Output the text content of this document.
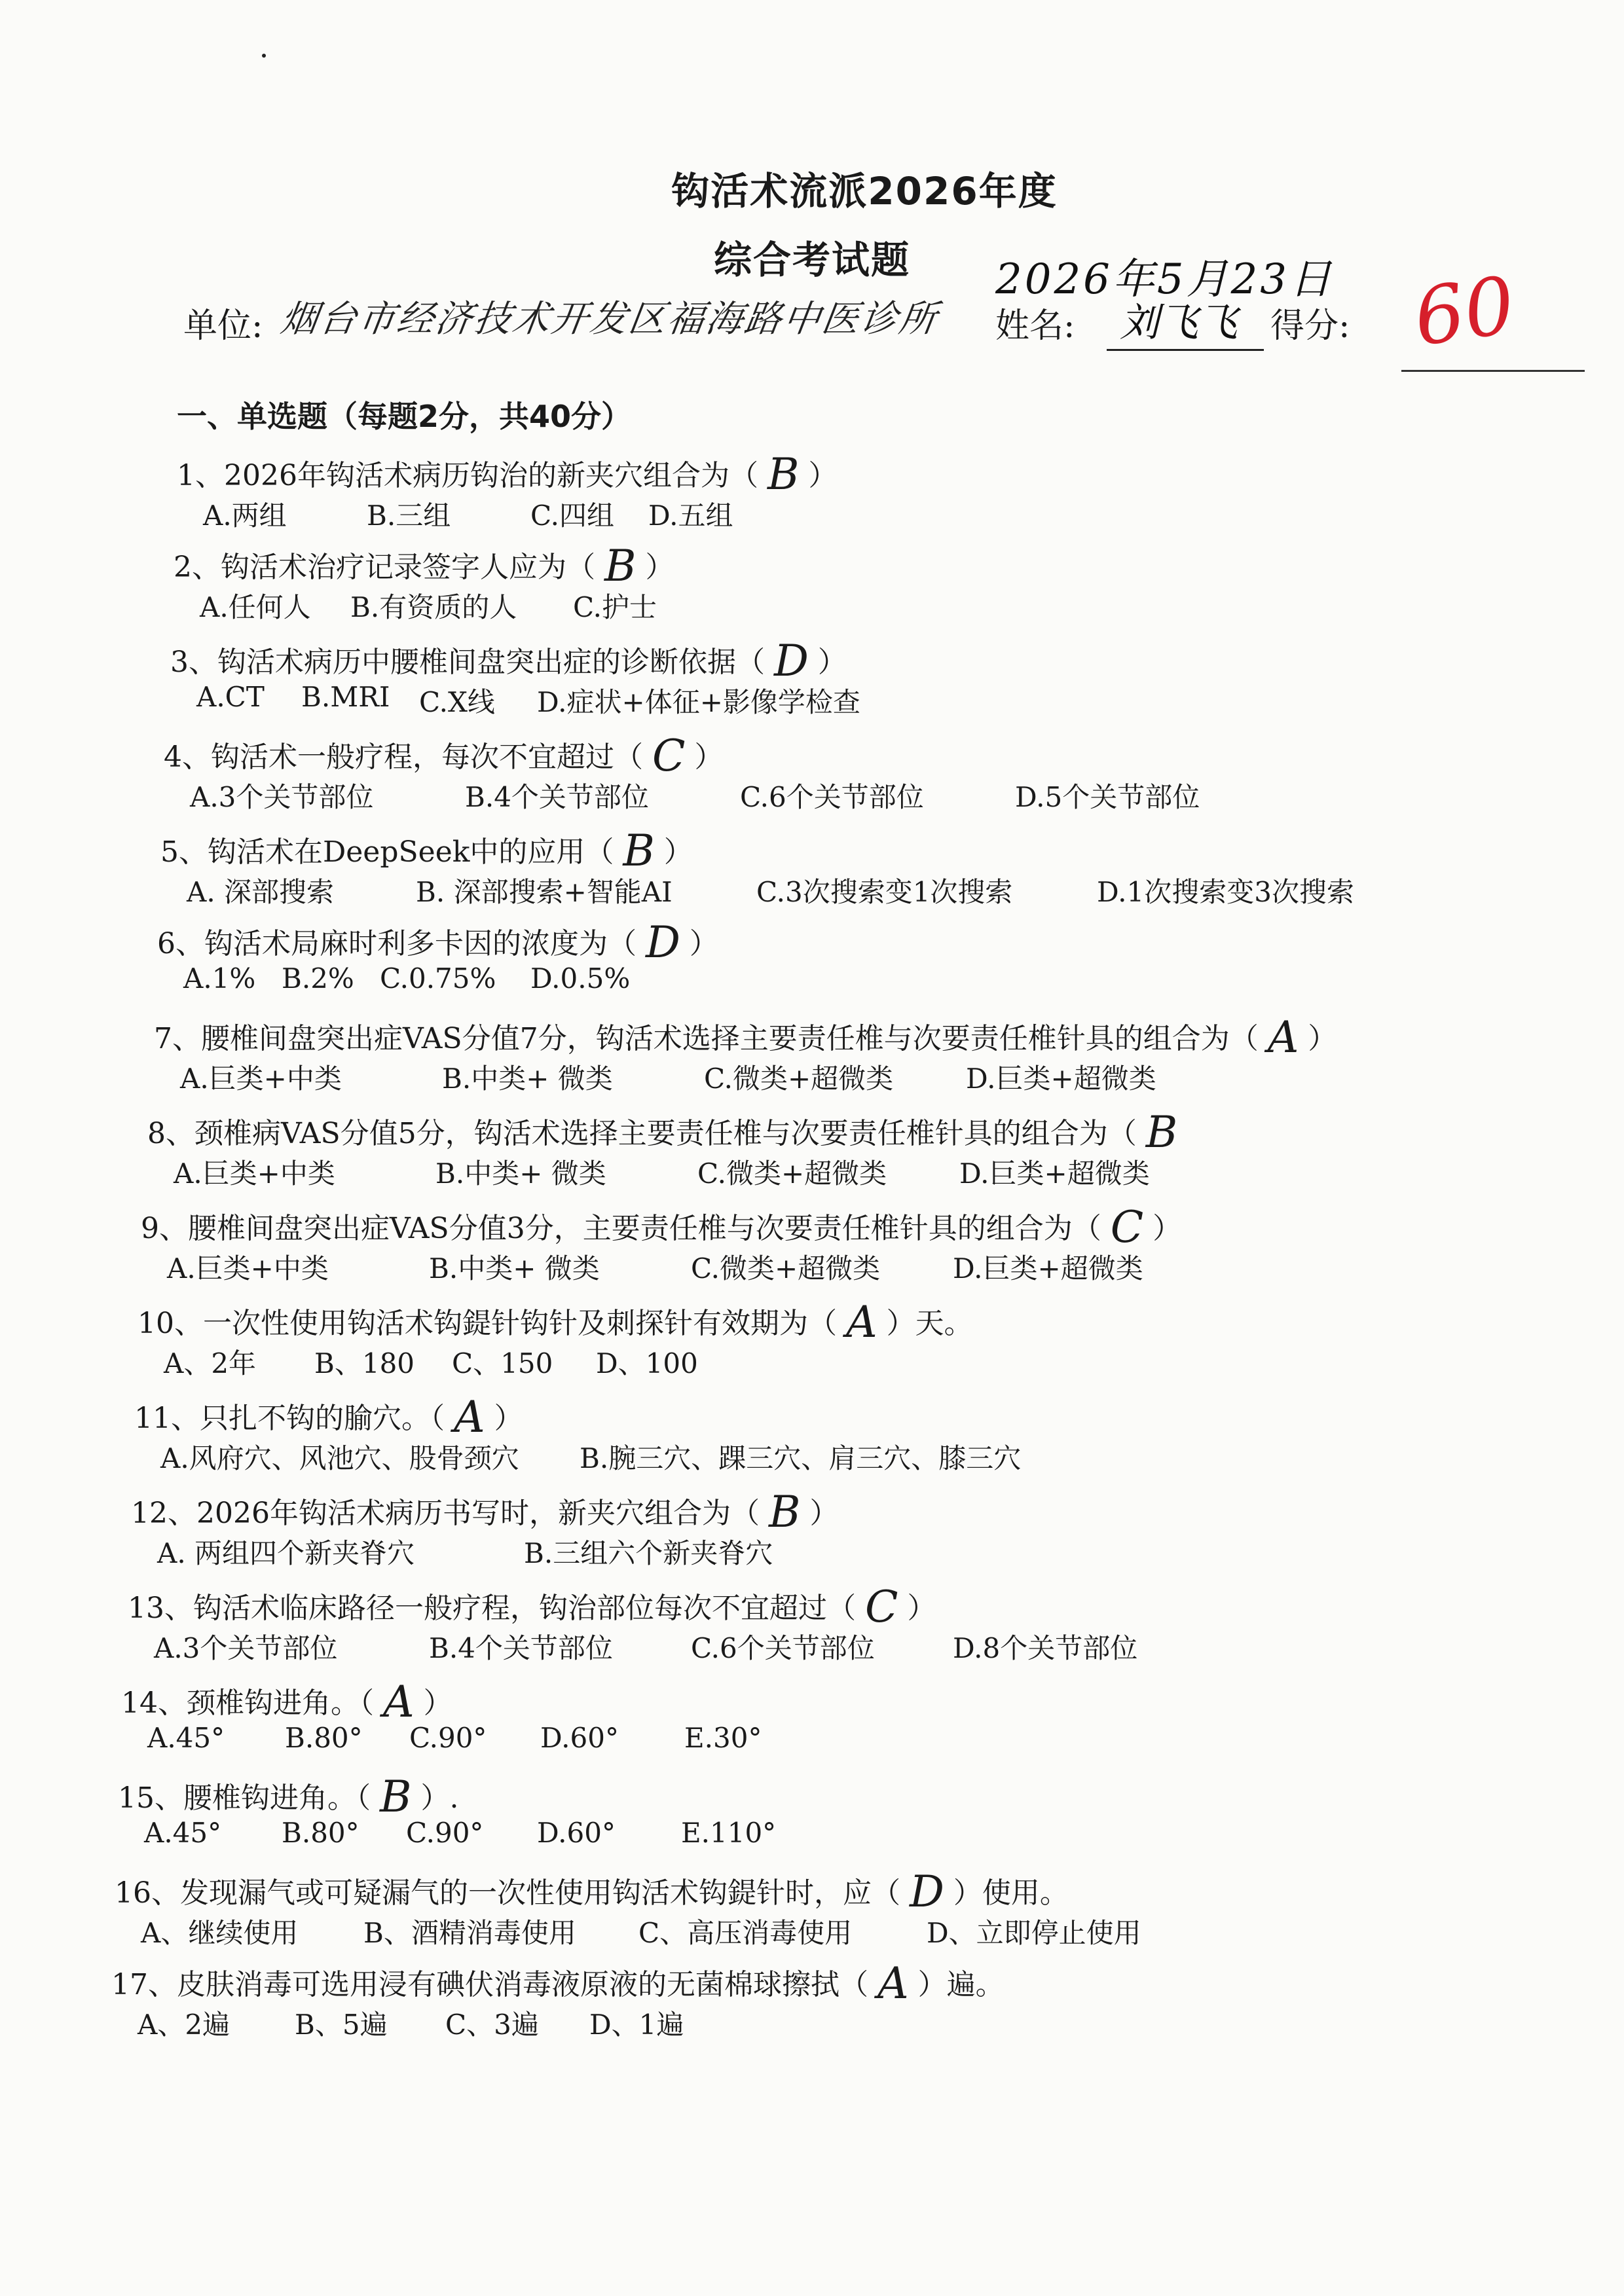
钩活术流派2026年度
综合考试题	2026年5月23日
单位: 烟台市经济技术开发区福海路中医诊所 姓名: 刘飞飞 得分: 60
一、单选题（每题2分，共40分）
1、2026年钩活术病历钩治的新夹穴组合为（ B ）
A.两组	B.三组	C.四组 D.五组
2、钩活术治疗记录签字人应为（ B ）
A.任何人 B.有资质的人 C.护士
3、钩活术病历中腰椎间盘突出症的诊断依据（ D ）
A.CT B.MRI C.X线 D.症状+体征+影像学检查
4、钩活术一般疗程，每次不宜超过（ C ）
A.3个关节部位	B.4个关节部位	C.6个关节部位	D.5个关节部位
5、钩活术在DeepSeek中的应用（ B ）
A. 深部搜索	B. 深部搜索+智能AI	C.3次搜索变1次搜索	D.1次搜索变3次搜索
6、钩活术局麻时利多卡因的浓度为（ D ）
A.1% B.2% C.0.75% D.0.5%
7、腰椎间盘突出症VAS分值7分，钩活术选择主要责任椎与次要责任椎针具的组合为（ A ）
A.巨类+中类	B.中类+ 微类	C.微类+超微类	D.巨类+超微类
8、颈椎病VAS分值5分，钩活术选择主要责任椎与次要责任椎针具的组合为（ B
A.巨类+中类	B.中类+ 微类	C.微类+超微类	D.巨类+超微类
9、腰椎间盘突出症VAS分值3分，主要责任椎与次要责任椎针具的组合为（ C ）
A.巨类+中类	B.中类+ 微类	C.微类+超微类	D.巨类+超微类
10、一次性使用钩活术钩鍉针钩针及刺探针有效期为（ A ）天。
A、2年 B、180 C、150 D、100
11、只扎不钩的腧穴。（ A ）
A.风府穴、风池穴、股骨颈穴 B.腕三穴、踝三穴、肩三穴、膝三穴
12、2026年钩活术病历书写时，新夹穴组合为（ B ）
A. 两组四个新夹脊穴	B.三组六个新夹脊穴
13、钩活术临床路径一般疗程，钩治部位每次不宜超过（ C ）
A.3个关节部位	B.4个关节部位	C.6个关节部位	D.8个关节部位
14、颈椎钩进角。（ A ）
A.45° B.80° C.90° D.60° E.30°
15、腰椎钩进角。（ B ）.
A.45° B.80° C.90° D.60° E.110°
16、发现漏气或可疑漏气的一次性使用钩活术钩鍉针时，应（ D ）使用。
A、继续使用 B、酒精消毒使用 C、高压消毒使用	D、立即停止使用
17、皮肤消毒可选用浸有碘伏消毒液原液的无菌棉球擦拭（ A ）遍。
A、2遍 B、5遍 C、3遍 D、1遍
